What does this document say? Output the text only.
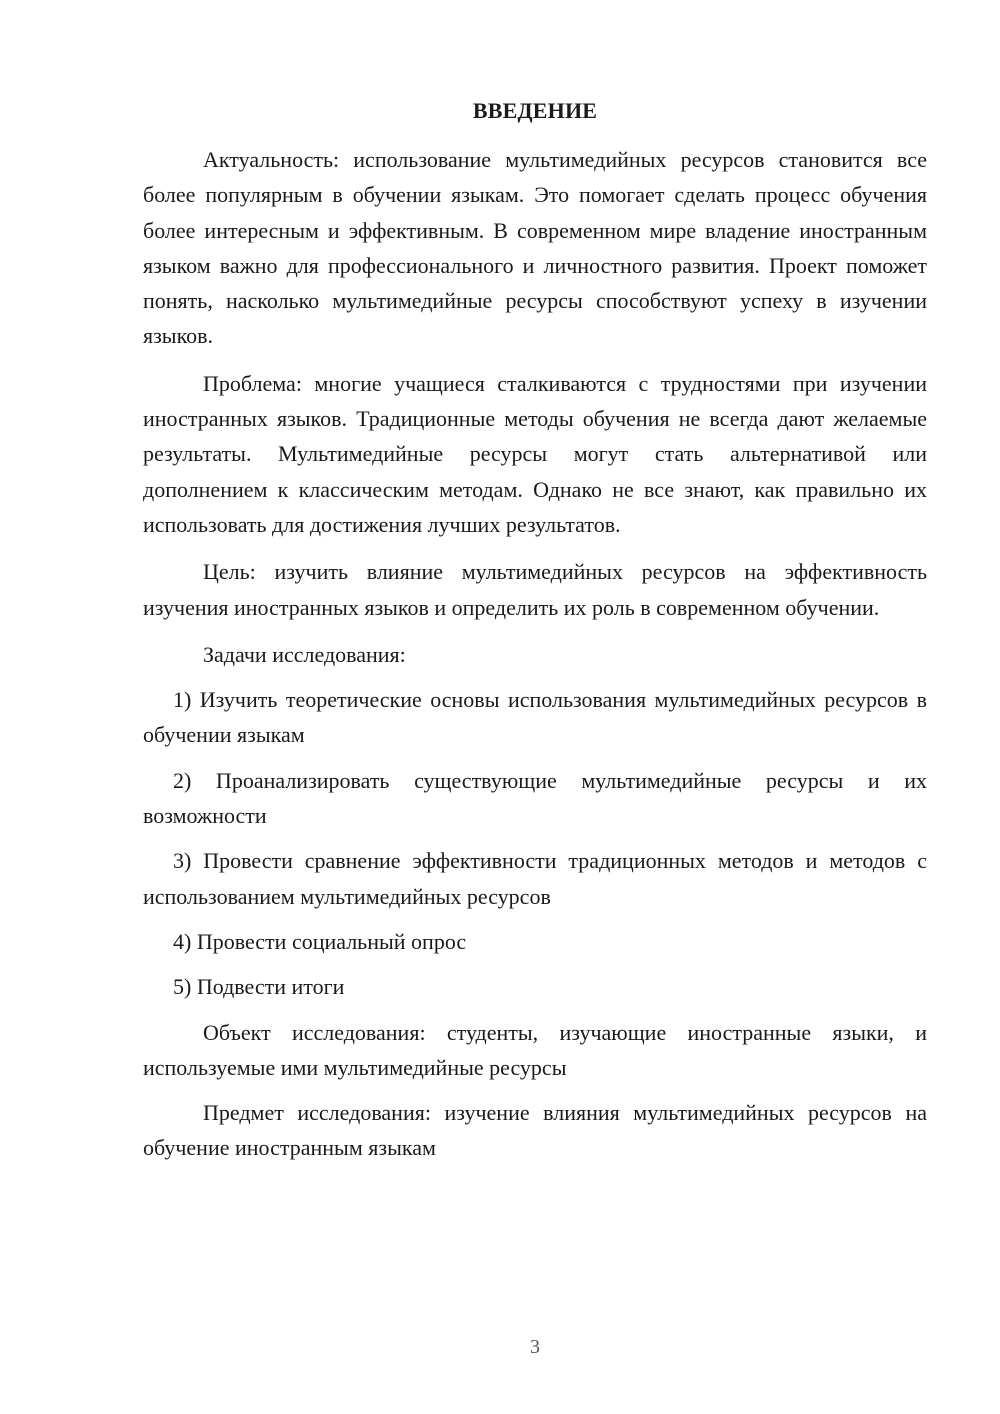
ВВЕДЕНИЕ

Актуальность: использование мультимедийных ресурсов становится все более популярным в обучении языкам. Это помогает сделать процесс обучения более интересным и эффективным. В современном мире владение иностранным языком важно для профессионального и личностного развития. Проект поможет понять, насколько мультимедийные ресурсы способствуют успеху в изучении языков.

Проблема: многие учащиеся сталкиваются с трудностями при изучении иностранных языков. Традиционные методы обучения не всегда дают желаемые результаты. Мультимедийные ресурсы могут стать альтернативой или дополнением к классическим методам. Однако не все знают, как правильно их использовать для достижения лучших результатов.

Цель: изучить влияние мультимедийных ресурсов на эффективность изучения иностранных языков и определить их роль в современном обучении.

Задачи исследования:

1) Изучить теоретические основы использования мультимедийных ресурсов в обучении языкам

2) Проанализировать существующие мультимедийные ресурсы и их возможности

3) Провести сравнение эффективности традиционных методов и методов с использованием мультимедийных ресурсов

4) Провести социальный опрос

5) Подвести итоги

Объект исследования: студенты, изучающие иностранные языки, и используемые ими мультимедийные ресурсы

Предмет исследования: изучение влияния мультимедийных ресурсов на обучение иностранным языкам

3
